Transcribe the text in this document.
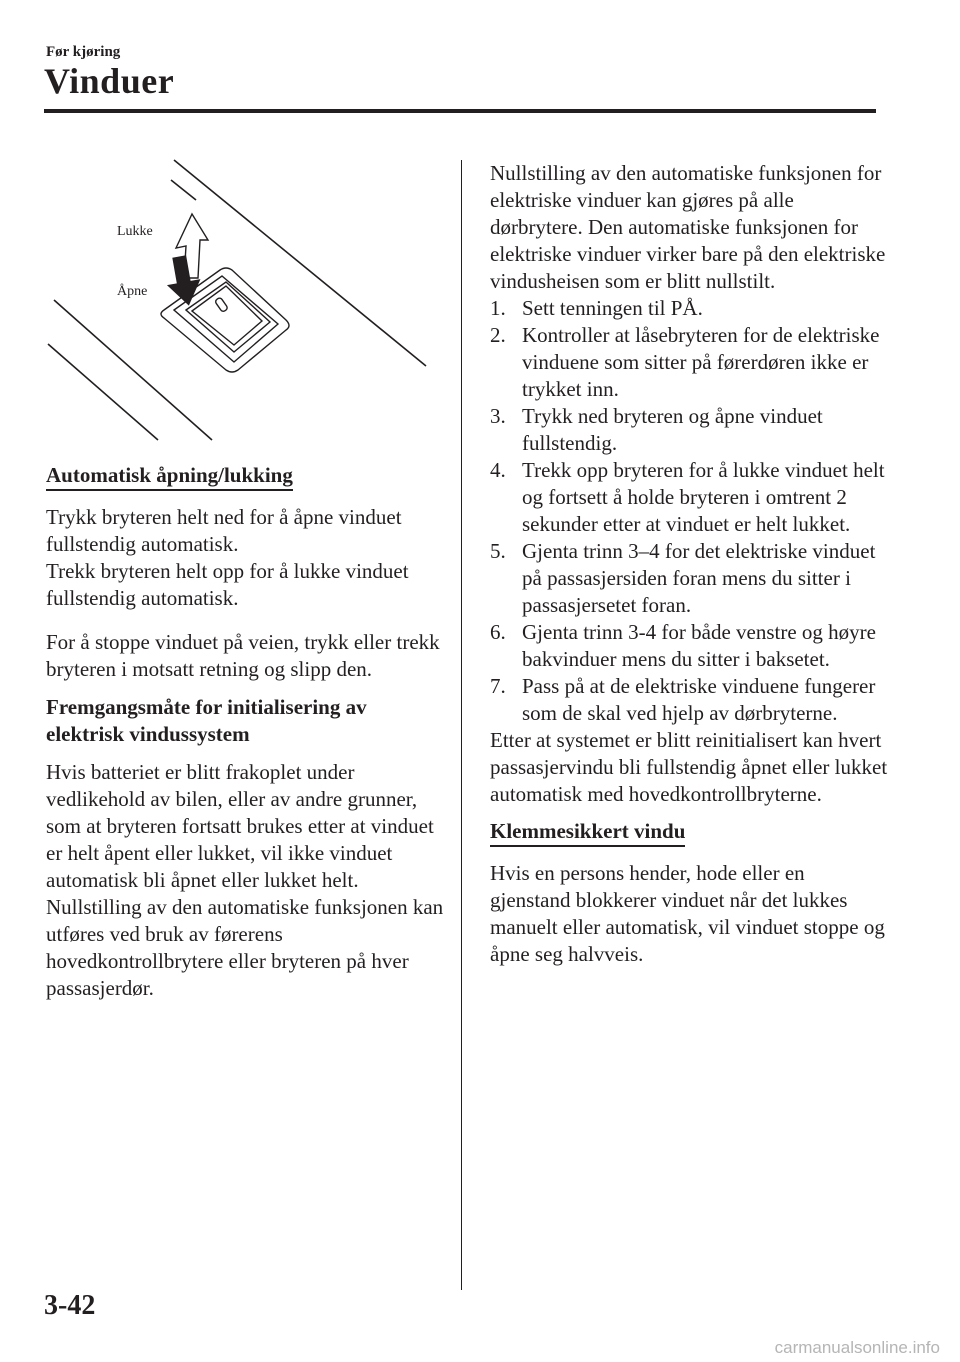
Før kjøring
Vinduer
Lukke
Åpne
Automatisk åpning/lukking

Trykk bryteren helt ned for å åpne vinduet fullstendig automatisk.

Trekk bryteren helt opp for å lukke vinduet fullstendig automatisk.

For å stoppe vinduet på veien, trykk eller trekk bryteren i motsatt retning og slipp den.

Fremgangsmåte for initialisering av elektrisk vindussystem

Hvis batteriet er blitt frakoplet under vedlikehold av bilen, eller av andre grunner, som at bryteren fortsatt brukes etter at vinduet er helt åpent eller lukket, vil ikke vinduet automatisk bli åpnet eller lukket helt.

Nullstilling av den automatiske funksjonen kan utføres ved bruk av førerens hovedkontrollbrytere eller bryteren på hver passasjerdør.

Nullstilling av den automatiske funksjonen for elektriske vinduer kan gjøres på alle dørbrytere. Den automatiske funksjonen for elektriske vinduer virker bare på den elektriske vindusheisen som er blitt nullstilt.

1. Sett tenningen til PÅ.
2. Kontroller at låsebryteren for de elektriske vinduene som sitter på førerdøren ikke er trykket inn.
3. Trykk ned bryteren og åpne vinduet fullstendig.
4. Trekk opp bryteren for å lukke vinduet helt og fortsett å holde bryteren i omtrent 2 sekunder etter at vinduet er helt lukket.
5. Gjenta trinn 3–4 for det elektriske vinduet på passasjersiden foran mens du sitter i passasjersetet foran.
6. Gjenta trinn 3-4 for både venstre og høyre bakvinduer mens du sitter i baksetet.
7. Pass på at de elektriske vinduene fungerer som de skal ved hjelp av dørbryterne.

Etter at systemet er blitt reinitialisert kan hvert passasjervindu bli fullstendig åpnet eller lukket automatisk med hovedkontrollbryterne.

Klemmesikkert vindu

Hvis en persons hender, hode eller en gjenstand blokkerer vinduet når det lukkes manuelt eller automatisk, vil vinduet stoppe og åpne seg halvveis.

3-42
carmanualsonline.info
